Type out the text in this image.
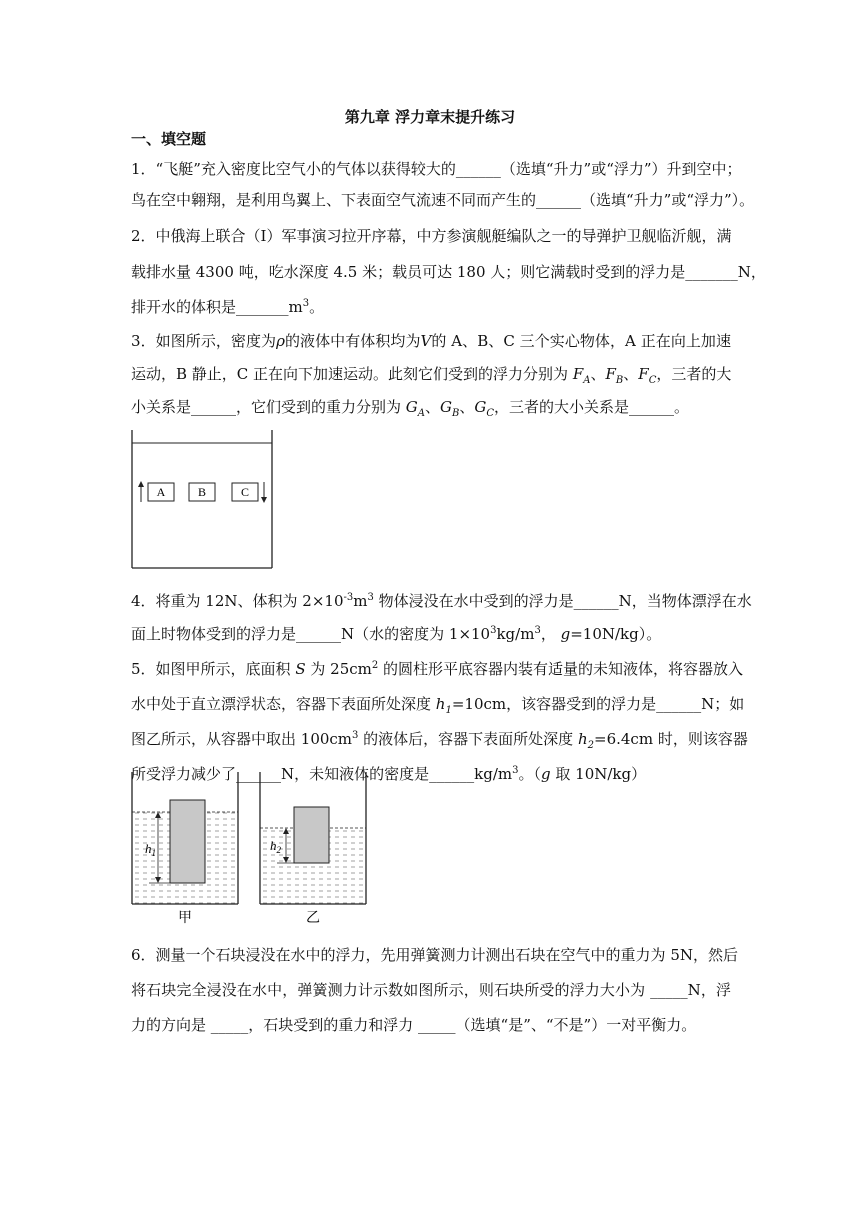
第九章 浮力章末提升练习
一、填空题
1．“飞艇”充入密度比空气小的气体以获得较大的______（选填“升力”或“浮力”）升到空中；
鸟在空中翱翔，是利用鸟翼上、下表面空气流速不同而产生的______（选填“升力”或“浮力”）。
2．中俄海上联合（I）军事演习拉开序幕，中方参演舰艇编队之一的导弹护卫舰临沂舰，满
载排水量 4300 吨，吃水深度 4.5 米；载员可达 180 人；则它满载时受到的浮力是_______N，
排开水的体积是$\_\_\_\_\_\_\_m^3$。
3．如图所示，密度为ρ的液体中有体积均为V的 A、B、C 三个实心物体，A 正在向上加速
运动，B 静止，C 正在向下加速运动。此刻它们受到的浮力分别为 $F_A$、$F_B$、$F_C$，三者的大
小关系是______，它们受到的重力分别为 $G_A$、$G_B$、$G_C$，三者的大小关系是______。
A	B	C
4．将重为 12N、体积为 $2\times 10^{-3}m^3$ 物体浸没在水中受到的浮力是______N，当物体漂浮在水
面上时物体受到的浮力是______N（水的密度为 $1\times 10^3kg/m^3$， g=10N/kg）。
5．如图甲所示，底面积 S 为 $25cm^2$ 的圆柱形平底容器内装有适量的未知液体，将容器放入
水中处于直立漂浮状态，容器下表面所处深度 $h_1=10cm$，该容器受到的浮力是______N；如
图乙所示，从容器中取出 $100cm^3$ 的液体后，容器下表面所处深度 $h_2=6.4cm$ 时，则该容器
所受浮力减少了______N，未知液体的密度是$\_\_\_\_\_\_kg/m^3$。（g 取 10N/kg）
$h_1$
甲
$h_2$
乙
6．测量一个石块浸没在水中的浮力，先用弹簧测力计测出石块在空气中的重力为 5N，然后
将石块完全浸没在水中，弹簧测力计示数如图所示，则石块所受的浮力大小为 _____N，浮
力的方向是 _____，石块受到的重力和浮力 _____（选填“是”、“不是”）一对平衡力。
